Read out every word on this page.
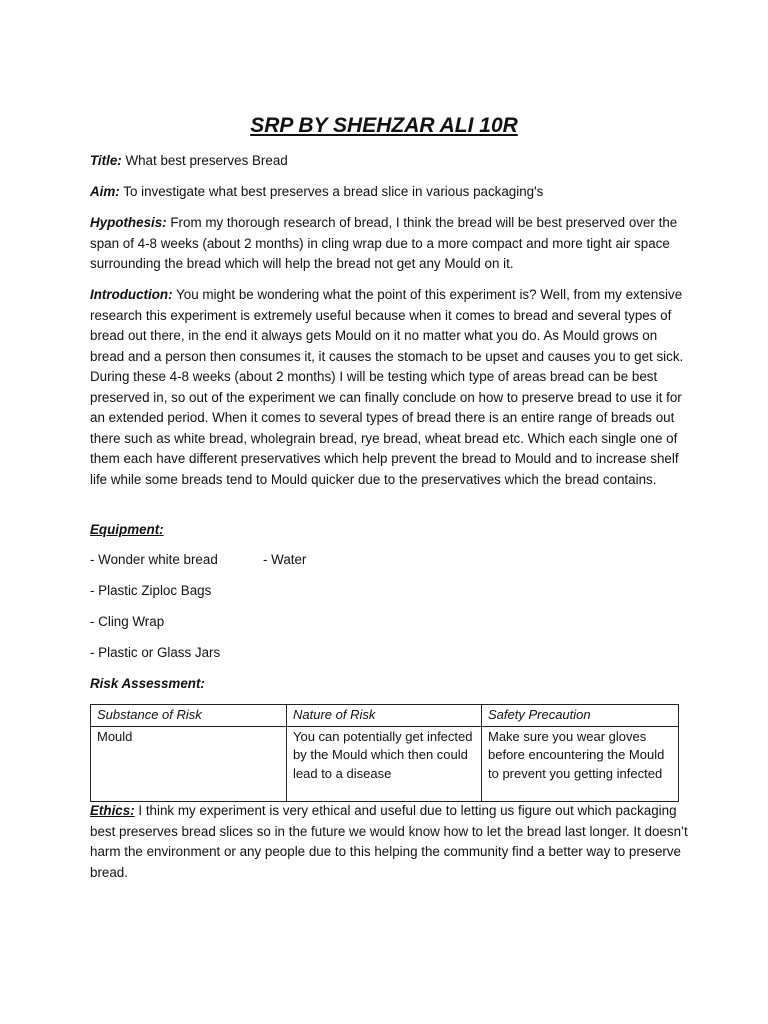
SRP BY SHEHZAR ALI 10R

Title: What best preserves Bread

Aim: To investigate what best preserves a bread slice in various packaging's

Hypothesis: From my thorough research of bread, I think the bread will be best preserved over the span of 4-8 weeks (about 2 months) in cling wrap due to a more compact and more tight air space surrounding the bread which will help the bread not get any Mould on it.

Introduction: You might be wondering what the point of this experiment is? Well, from my extensive research this experiment is extremely useful because when it comes to bread and several types of bread out there, in the end it always gets Mould on it no matter what you do. As Mould grows on bread and a person then consumes it, it causes the stomach to be upset and causes you to get sick. During these 4-8 weeks (about 2 months) I will be testing which type of areas bread can be best preserved in, so out of the experiment we can finally conclude on how to preserve bread to use it for an extended period. When it comes to several types of bread there is an entire range of breads out there such as white bread, wholegrain bread, rye bread, wheat bread etc. Which each single one of them each have different preservatives which help prevent the bread to Mould and to increase shelf life while some breads tend to Mould quicker due to the preservatives which the bread contains.

Equipment:
- Wonder white bread	- Water
- Plastic Ziploc Bags
- Cling Wrap
- Plastic or Glass Jars
Risk Assessment:
Substance of Risk	Nature of Risk	Safety Precaution
Mould	You can potentially get infected by the Mould which then could lead to a disease	Make sure you wear gloves before encountering the Mould to prevent you getting infected

Ethics: I think my experiment is very ethical and useful due to letting us figure out which packaging best preserves bread slices so in the future we would know how to let the bread last longer. It doesn’t harm the environment or any people due to this helping the community find a better way to preserve bread.
